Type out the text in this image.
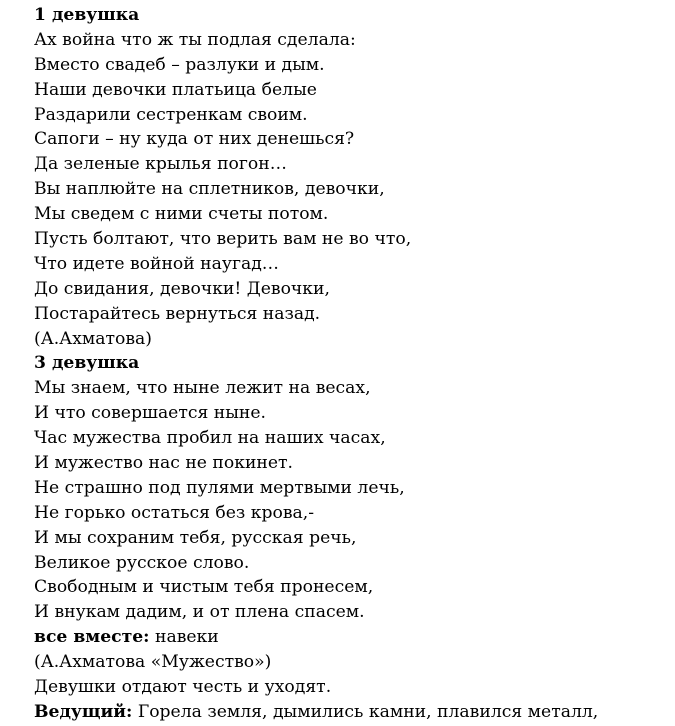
1 девушка
Ах война что ж ты подлая сделала:
Вместо свадеб – разлуки и дым.
Наши девочки платьица белые
Раздарили сестренкам своим.
Сапоги – ну куда от них денешься?
Да зеленые крылья погон…
Вы наплюйте на сплетников, девочки,
Мы сведем с ними счеты потом.
Пусть болтают, что верить вам не во что,
Что идете войной наугад…
До свидания, девочки! Девочки,
Постарайтесь вернуться назад.
(А.Ахматова)
3 девушка
Мы знаем, что ныне лежит на весах,
И что совершается ныне.
Час мужества пробил на наших часах,
И мужество нас не покинет.
Не страшно под пулями мертвыми лечь,
Не горько остаться без крова,-
И мы сохраним тебя, русская речь,
Великое русское слово.
Свободным и чистым тебя пронесем,
И внукам дадим, и от плена спасем.
все вместе: навеки
(А.Ахматова «Мужество»)
Девушки отдают честь и уходят.
Ведущий: Горела земля, дымились камни, плавился металл,
